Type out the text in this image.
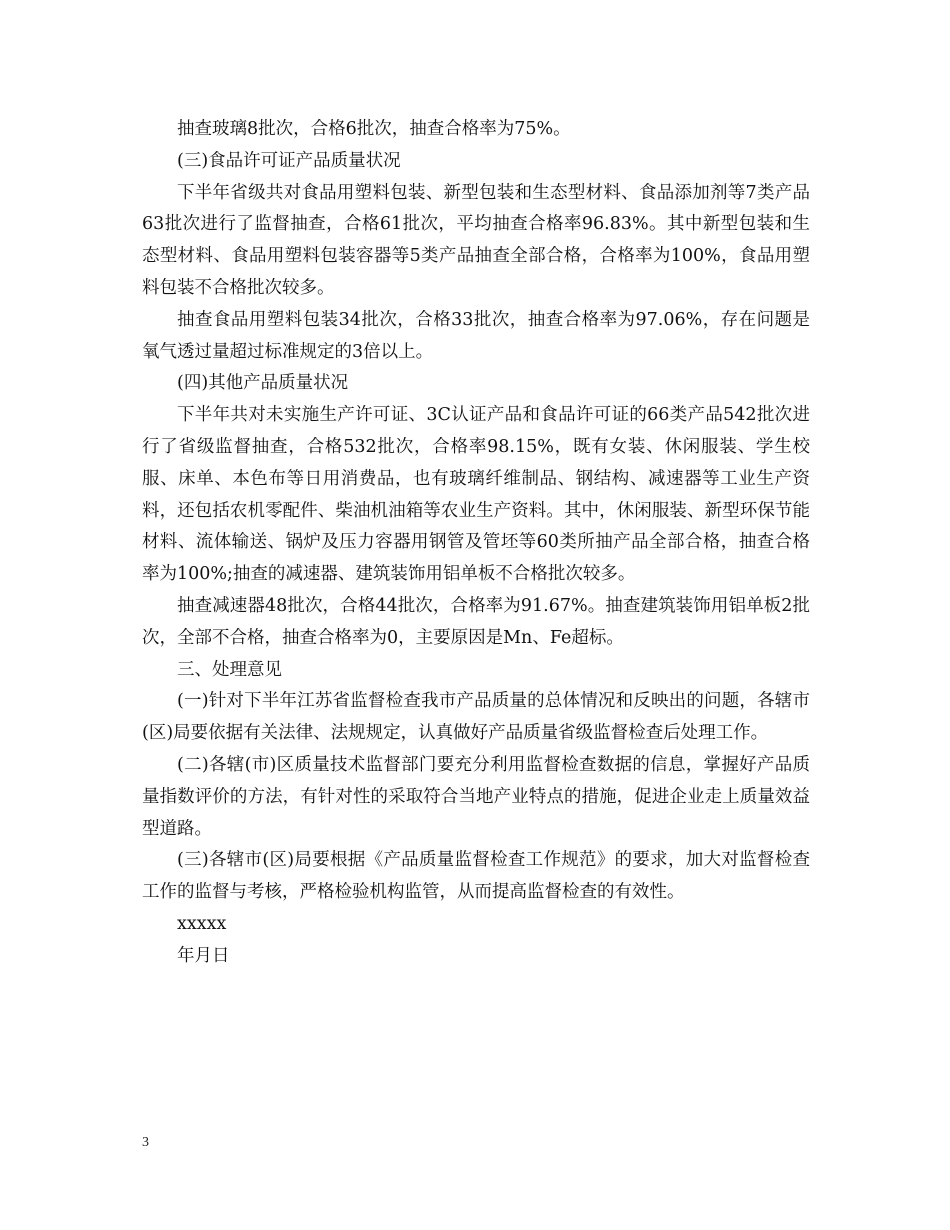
抽查玻璃8批次，合格6批次，抽查合格率为75%。

(三)食品许可证产品质量状况

下半年省级共对食品用塑料包装、新型包装和生态型材料、食品添加剂等7类产品63批次进行了监督抽查，合格61批次，平均抽查合格率96.83%。其中新型包装和生态型材料、食品用塑料包装容器等5类产品抽查全部合格，合格率为100%，食品用塑料包装不合格批次较多。

抽查食品用塑料包装34批次，合格33批次，抽查合格率为97.06%，存在问题是氧气透过量超过标准规定的3倍以上。

(四)其他产品质量状况

下半年共对未实施生产许可证、3C认证产品和食品许可证的66类产品542批次进行了省级监督抽查，合格532批次，合格率98.15%，既有女装、休闲服装、学生校服、床单、本色布等日用消费品，也有玻璃纤维制品、钢结构、减速器等工业生产资料，还包括农机零配件、柴油机油箱等农业生产资料。其中，休闲服装、新型环保节能材料、流体输送、锅炉及压力容器用钢管及管坯等60类所抽产品全部合格，抽查合格率为100%;抽查的减速器、建筑装饰用铝单板不合格批次较多。

抽查减速器48批次，合格44批次，合格率为91.67%。抽查建筑装饰用铝单板2批次，全部不合格，抽查合格率为0，主要原因是Mn、Fe超标。

三、处理意见

(一)针对下半年江苏省监督检查我市产品质量的总体情况和反映出的问题，各辖市(区)局要依据有关法律、法规规定，认真做好产品质量省级监督检查后处理工作。

(二)各辖(市)区质量技术监督部门要充分利用监督检查数据的信息，掌握好产品质量指数评价的方法，有针对性的采取符合当地产业特点的措施，促进企业走上质量效益型道路。

(三)各辖市(区)局要根据《产品质量监督检查工作规范》的要求，加大对监督检查工作的监督与考核，严格检验机构监管，从而提高监督检查的有效性。

xxxxx

年月日

3
